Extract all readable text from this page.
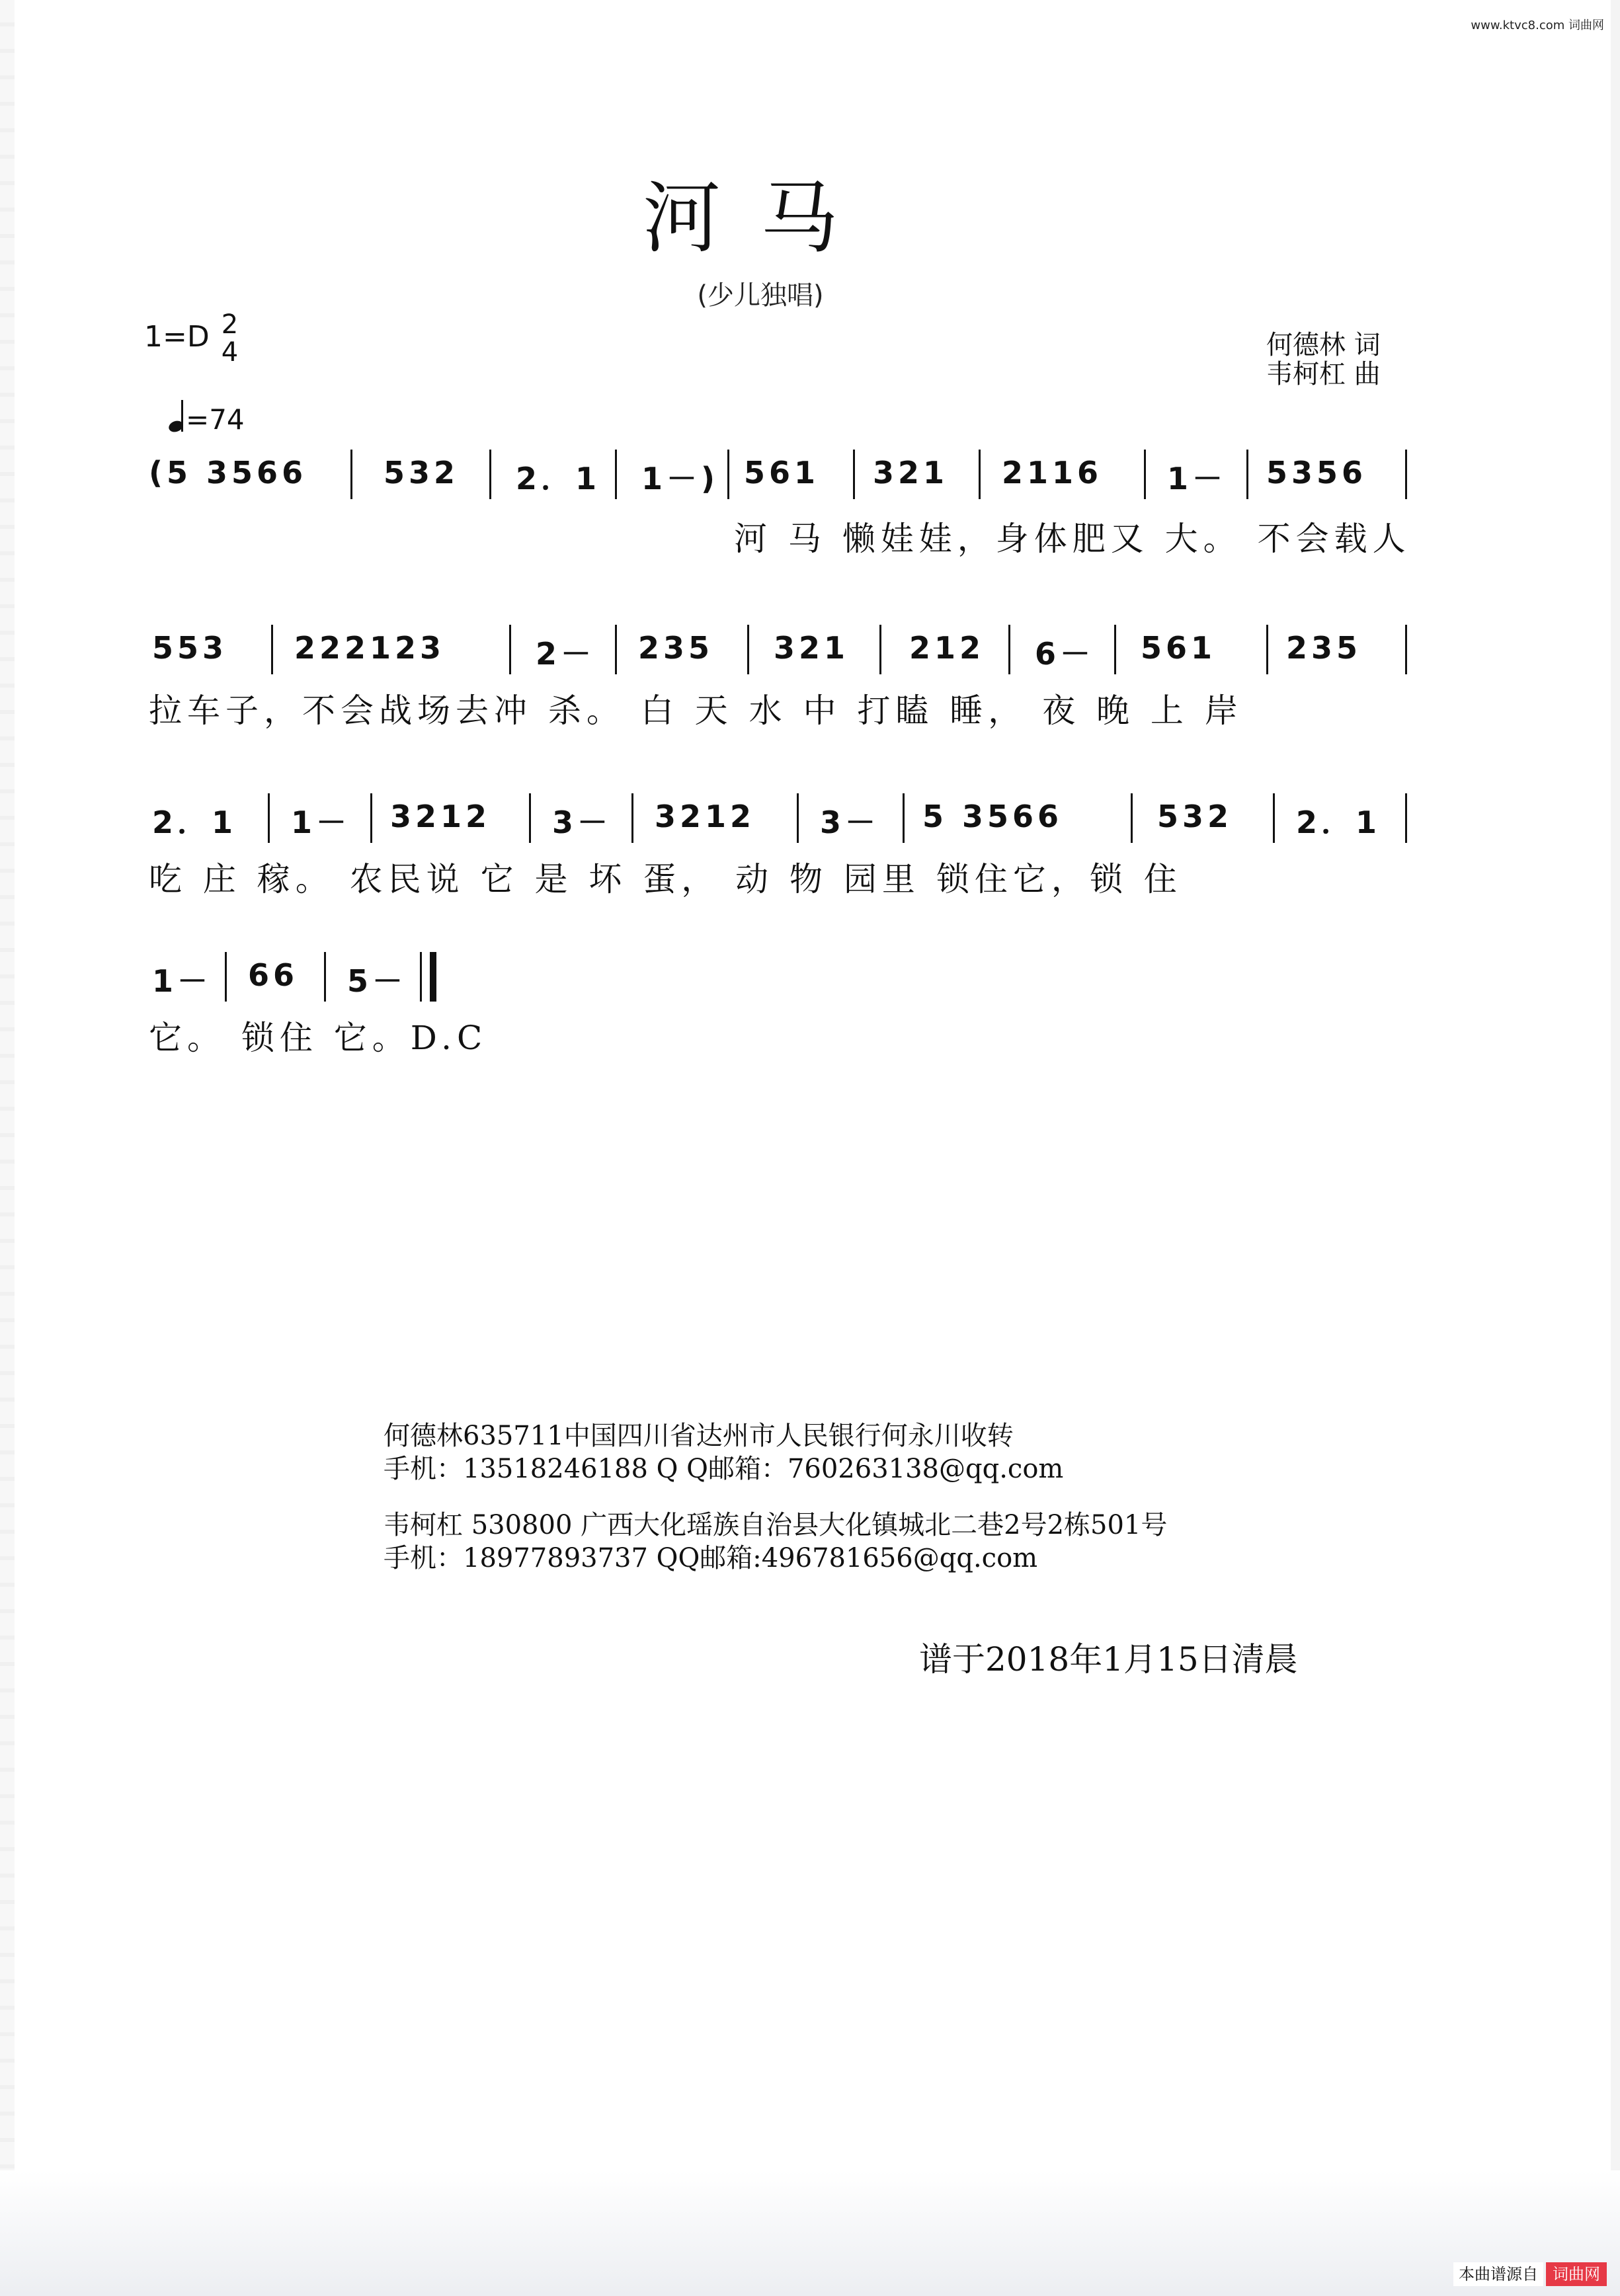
www.ktvc8.com 词曲网
河马
(少儿独唱)
1=D 2
4
=74
何德林 词
韦柯杠 曲
(5 3566	532 2．1 1－) 561 321 2116 1－ 5356
河 马 懒娃娃，身体肥又 大。 不会载人
553 222123	2－ 235 321 212 6－ 561 235
拉车子，不会战场去冲 杀。 白 天 水 中 打瞌 睡， 夜 晚 上 岸
2．1 1－ 3212 3－ 3212 3－ 5 3566	532 2．1
吃 庄 稼。 农民说 它 是 坏 蛋， 动 物 园里 锁住它，锁 住
1－ 66 5－
它。 锁住 它。D.C
何德林635711中国四川省达州市人民银行何永川收转
手机：13518246188 Q Q邮箱：760263138@qq.com
韦柯杠 530800 广西大化瑶族自治县大化镇城北二巷2号2栋501号
手机：18977893737 QQ邮箱:496781656@qq.com
谱于2018年1月15日清晨
本曲谱源自 词曲网
